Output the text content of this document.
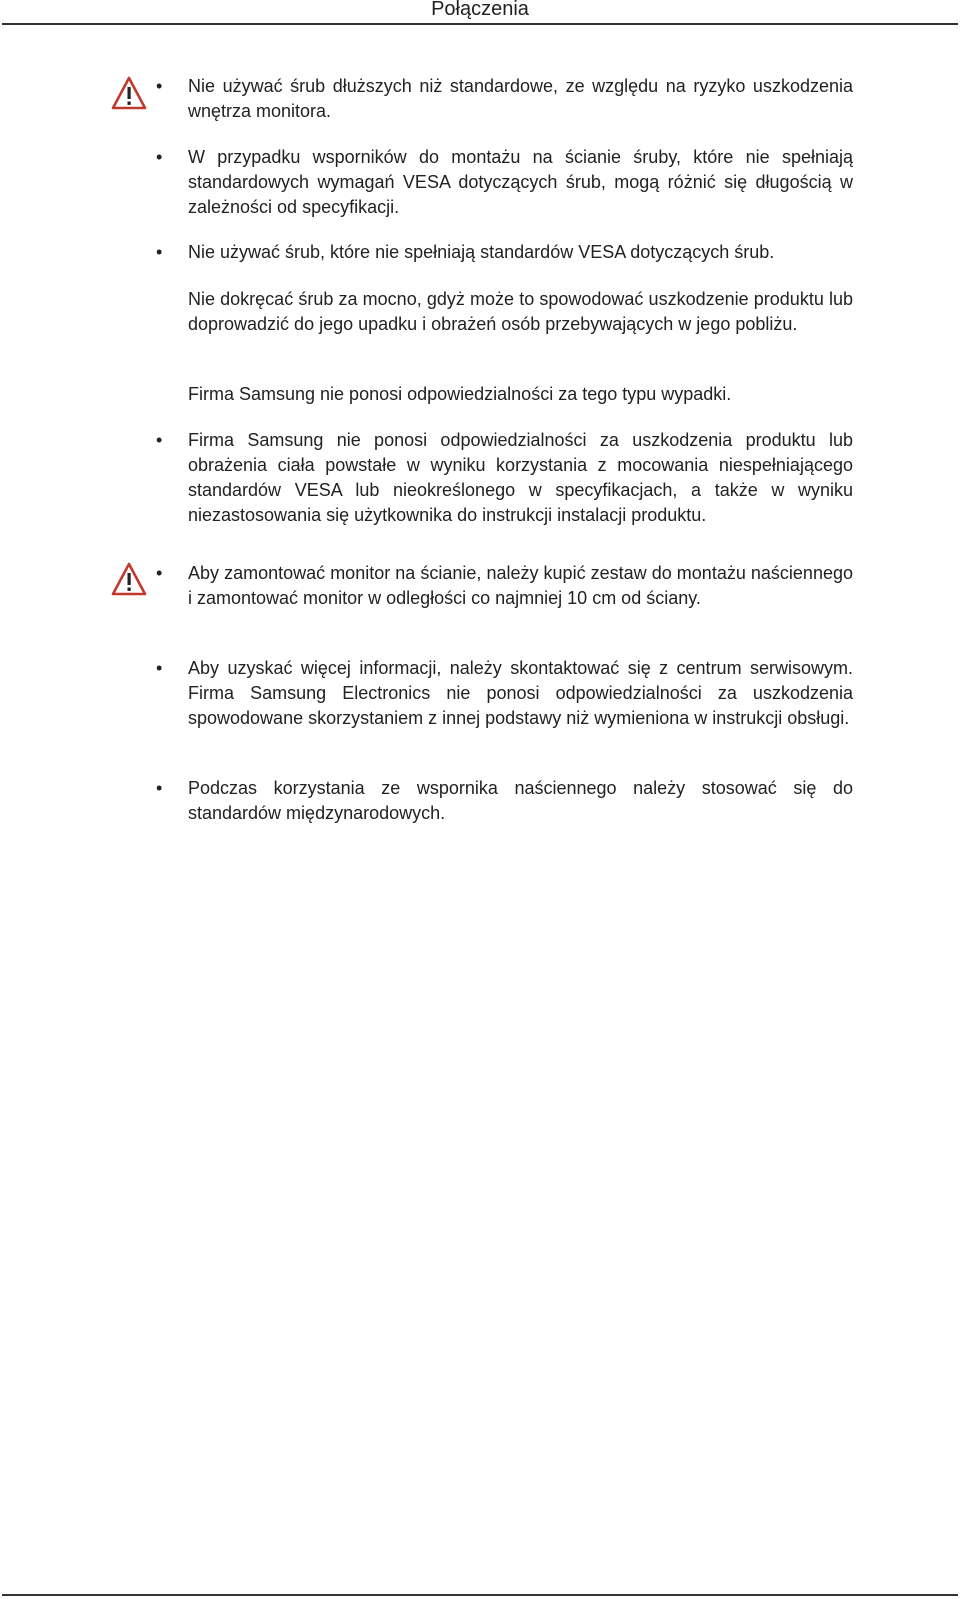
Połączenia
• Nie używać śrub dłuższych niż standardowe, ze względu na ryzyko uszkodzenia wnętrza monitora.

• W przypadku wsporników do montażu na ścianie śruby, które nie spełniają standardowych wymagań VESA dotyczących śrub, mogą różnić się długością w zależności od specyfikacji.

• Nie używać śrub, które nie spełniają standardów VESA dotyczących śrub.

Nie dokręcać śrub za mocno, gdyż może to spowodować uszkodzenie produktu lub doprowadzić do jego upadku i obrażeń osób przebywających w jego pobliżu.

Firma Samsung nie ponosi odpowiedzialności za tego typu wypadki.

• Firma Samsung nie ponosi odpowiedzialności za uszkodzenia produktu lub obrażenia ciała powstałe w wyniku korzystania z mocowania niespełniającego standardów VESA lub nieokreślonego w specyfikacjach, a także w wyniku niezastosowania się użytkownika do instrukcji instalacji produktu.

• Aby zamontować monitor na ścianie, należy kupić zestaw do montażu naściennego i zamontować monitor w odległości co najmniej 10 cm od ściany.

• Aby uzyskać więcej informacji, należy skontaktować się z centrum serwisowym. Firma Samsung Electronics nie ponosi odpowiedzialności za uszkodzenia spowodowane skorzystaniem z innej podstawy niż wymieniona w instrukcji obsługi.

• Podczas korzystania ze wspornika naściennego należy stosować się do standardów międzynarodowych.
